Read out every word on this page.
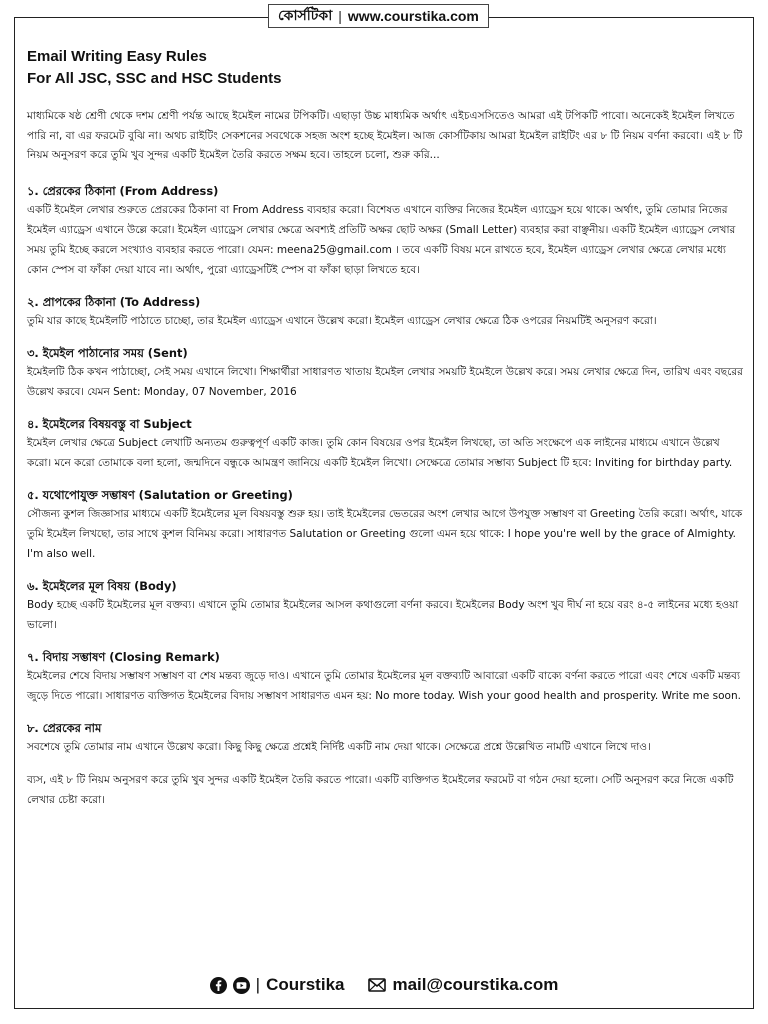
কোর্সটিকা | www.courstika.com
Email Writing Easy Rules
For All JSC, SSC and HSC Students

মাধ্যমিকে ষষ্ঠ শ্রেণী থেকে দশম শ্রেণী পর্যন্ত আছে ইমেইল নামের টপিকটি। এছাড়া উচ্চ মাধ্যমিক অর্থাৎ এইচএসসিতেও আমরা এই টপিকটি পাবো। অনেকেই ইমেইল লিখতে পারি না, বা এর ফরমেট বুঝি না। অথচ রাইটিং সেকশনের সবথেকে সহজ অংশ হচ্ছে ইমেইল। আজ কোর্সটিকায় আমরা ইমেইল রাইটিং এর ৮ টি নিয়ম বর্ণনা করবো। এই ৮ টি নিয়ম অনুসরণ করে তুমি খুব সুন্দর একটি ইমেইল তৈরি করতে সক্ষম হবে। তাহলে চলো, শুরু করি...

১. প্রেরকের ঠিকানা (From Address)

একটি ইমেইল লেখার শুরুতে প্রেরকের ঠিকানা বা From Address ব্যবহার করো। বিশেষত এখানে ব্যক্তির নিজের ইমেইল এ্যাড্রেস হয়ে থাকে। অর্থাৎ, তুমি তোমার নিজের ইমেইল এ্যাড্রেস এখানে উল্লে করো। ইমেইল এ্যাড্রেস লেখার ক্ষেত্রে অবশ্যই প্রতিটি অক্ষর ছোট অক্ষর (Small Letter) ব্যবহার করা বাঞ্ছনীয়। একটি ইমেইল এ্যাড্রেস লেখার সময় তুমি ইচ্ছে করলে সংখ্যাও ব্যবহার করতে পারো। যেমন: meena25@gmail.com । তবে একটি বিষয় মনে রাখতে হবে, ইমেইল এ্যাড্রেস লেখার ক্ষেত্রে লেখার মধ্যে কোন স্পেস বা ফাঁকা দেয়া যাবে না। অর্থাৎ, পুরো এ্যাড্রেসটিই স্পেস বা ফাঁকা ছাড়া লিখতে হবে।

২. প্রাপকের ঠিকানা (To Address)

তুমি যার কাছে ইমেইলটি পাঠাতে চাচ্ছো, তার ইমেইল এ্যাড্রেস এখানে উল্লেখ করো। ইমেইল এ্যাড্রেস লেখার ক্ষেত্রে ঠিক ওপরের নিয়মটিই অনুসরণ করো।

৩. ইমেইল পাঠানোর সময় (Sent)

ইমেইলটি ঠিক কখন পাঠাচ্ছো, সেই সময় এখানে লিখো। শিক্ষার্থীরা সাধারণত খাতায় ইমেইল লেখার সময়টি ইমেইলে উল্লেখ করে। সময় লেখার ক্ষেত্রে দিন, তারিখ এবং বছরের উল্লেখ করবে। যেমন Sent: Monday, 07 November, 2016

৪. ইমেইলের বিষয়বস্তু বা Subject

ইমেইল লেখার ক্ষেত্রে Subject লেখাটি অন্যতম গুরুত্বপূর্ণ একটি কাজ। তুমি কোন বিষয়ের ওপর ইমেইল লিখছো, তা অতি সংক্ষেপে এক লাইনের মাধ্যমে এখানে উল্লেখ করো। মনে করো তোমাকে বলা হলো, জন্মদিনে বন্ধুকে আমন্ত্রণ জানিয়ে একটি ইমেইল লিখো। সেক্ষেত্রে তোমার সম্ভাব্য Subject টি হবে: Inviting for birthday party.

৫. যথোপোযুক্ত সম্ভাষণ (Salutation or Greeting)

সৌজন্য কুশল জিজ্ঞাসার মাধ্যমে একটি ইমেইলের মূল বিষয়বস্তু শুরু হয়। তাই ইমেইলের ভেতরের অংশ লেখার আগে উপযুক্ত সম্ভাষণ বা Greeting তৈরি করো। অর্থাৎ, যাকে তুমি ইমেইল লিখছো, তার সাথে কুশল বিনিময় করো। সাধারণত Salutation or Greeting গুলো এমন হয়ে থাকে: I hope you're well by the grace of Almighty. I'm also well.

৬. ইমেইলের মূল বিষয় (Body)

Body হচ্ছে একটি ইমেইলের মূল বক্তব্য। এখানে তুমি তোমার ইমেইলের আসল কথাগুলো বর্ণনা করবে। ইমেইলের Body অংশ খুব দীর্ঘ না হয়ে বরং ৪-৫ লাইনের মধ্যে হওয়া ভালো।

৭. বিদায় সম্ভাষণ (Closing Remark)

ইমেইলের শেষে বিদায় সম্ভাষণ সম্ভাষণ বা শেষ মন্তব্য জুড়ে দাও। এখানে তুমি তোমার ইমেইলের মূল বক্তব্যটি আবারো একটি বাক্যে বর্ণনা করতে পারো এবং শেষে একটি মন্তব্য জুড়ে দিতে পারো। সাধারণত ব্যক্তিগত ইমেইলের বিদায় সম্ভাষণ সাধারণত এমন হয়: No more today. Wish your good health and prosperity. Write me soon.

৮. প্রেরকের নাম

সবশেষে তুমি তোমার নাম এখানে উল্লেখ করো। কিছু কিছু ক্ষেত্রে প্রশ্নেই নির্দিষ্ট একটি নাম দেয়া থাকে। সেক্ষেত্রে প্রশ্নে উল্লেখিত নামটি এখানে লিখে দাও।

ব্যস, এই ৮ টি নিয়ম অনুসরণ করে তুমি খুব সুন্দর একটি ইমেইল তৈরি করতে পারো। একটি ব্যক্তিগত ইমেইলের ফরমেট বা গঠন দেয়া হলো। সেটি অনুসরণ করে নিজে একটি লেখার চেষ্টা করো।

| Courstika	mail@courstika.com
